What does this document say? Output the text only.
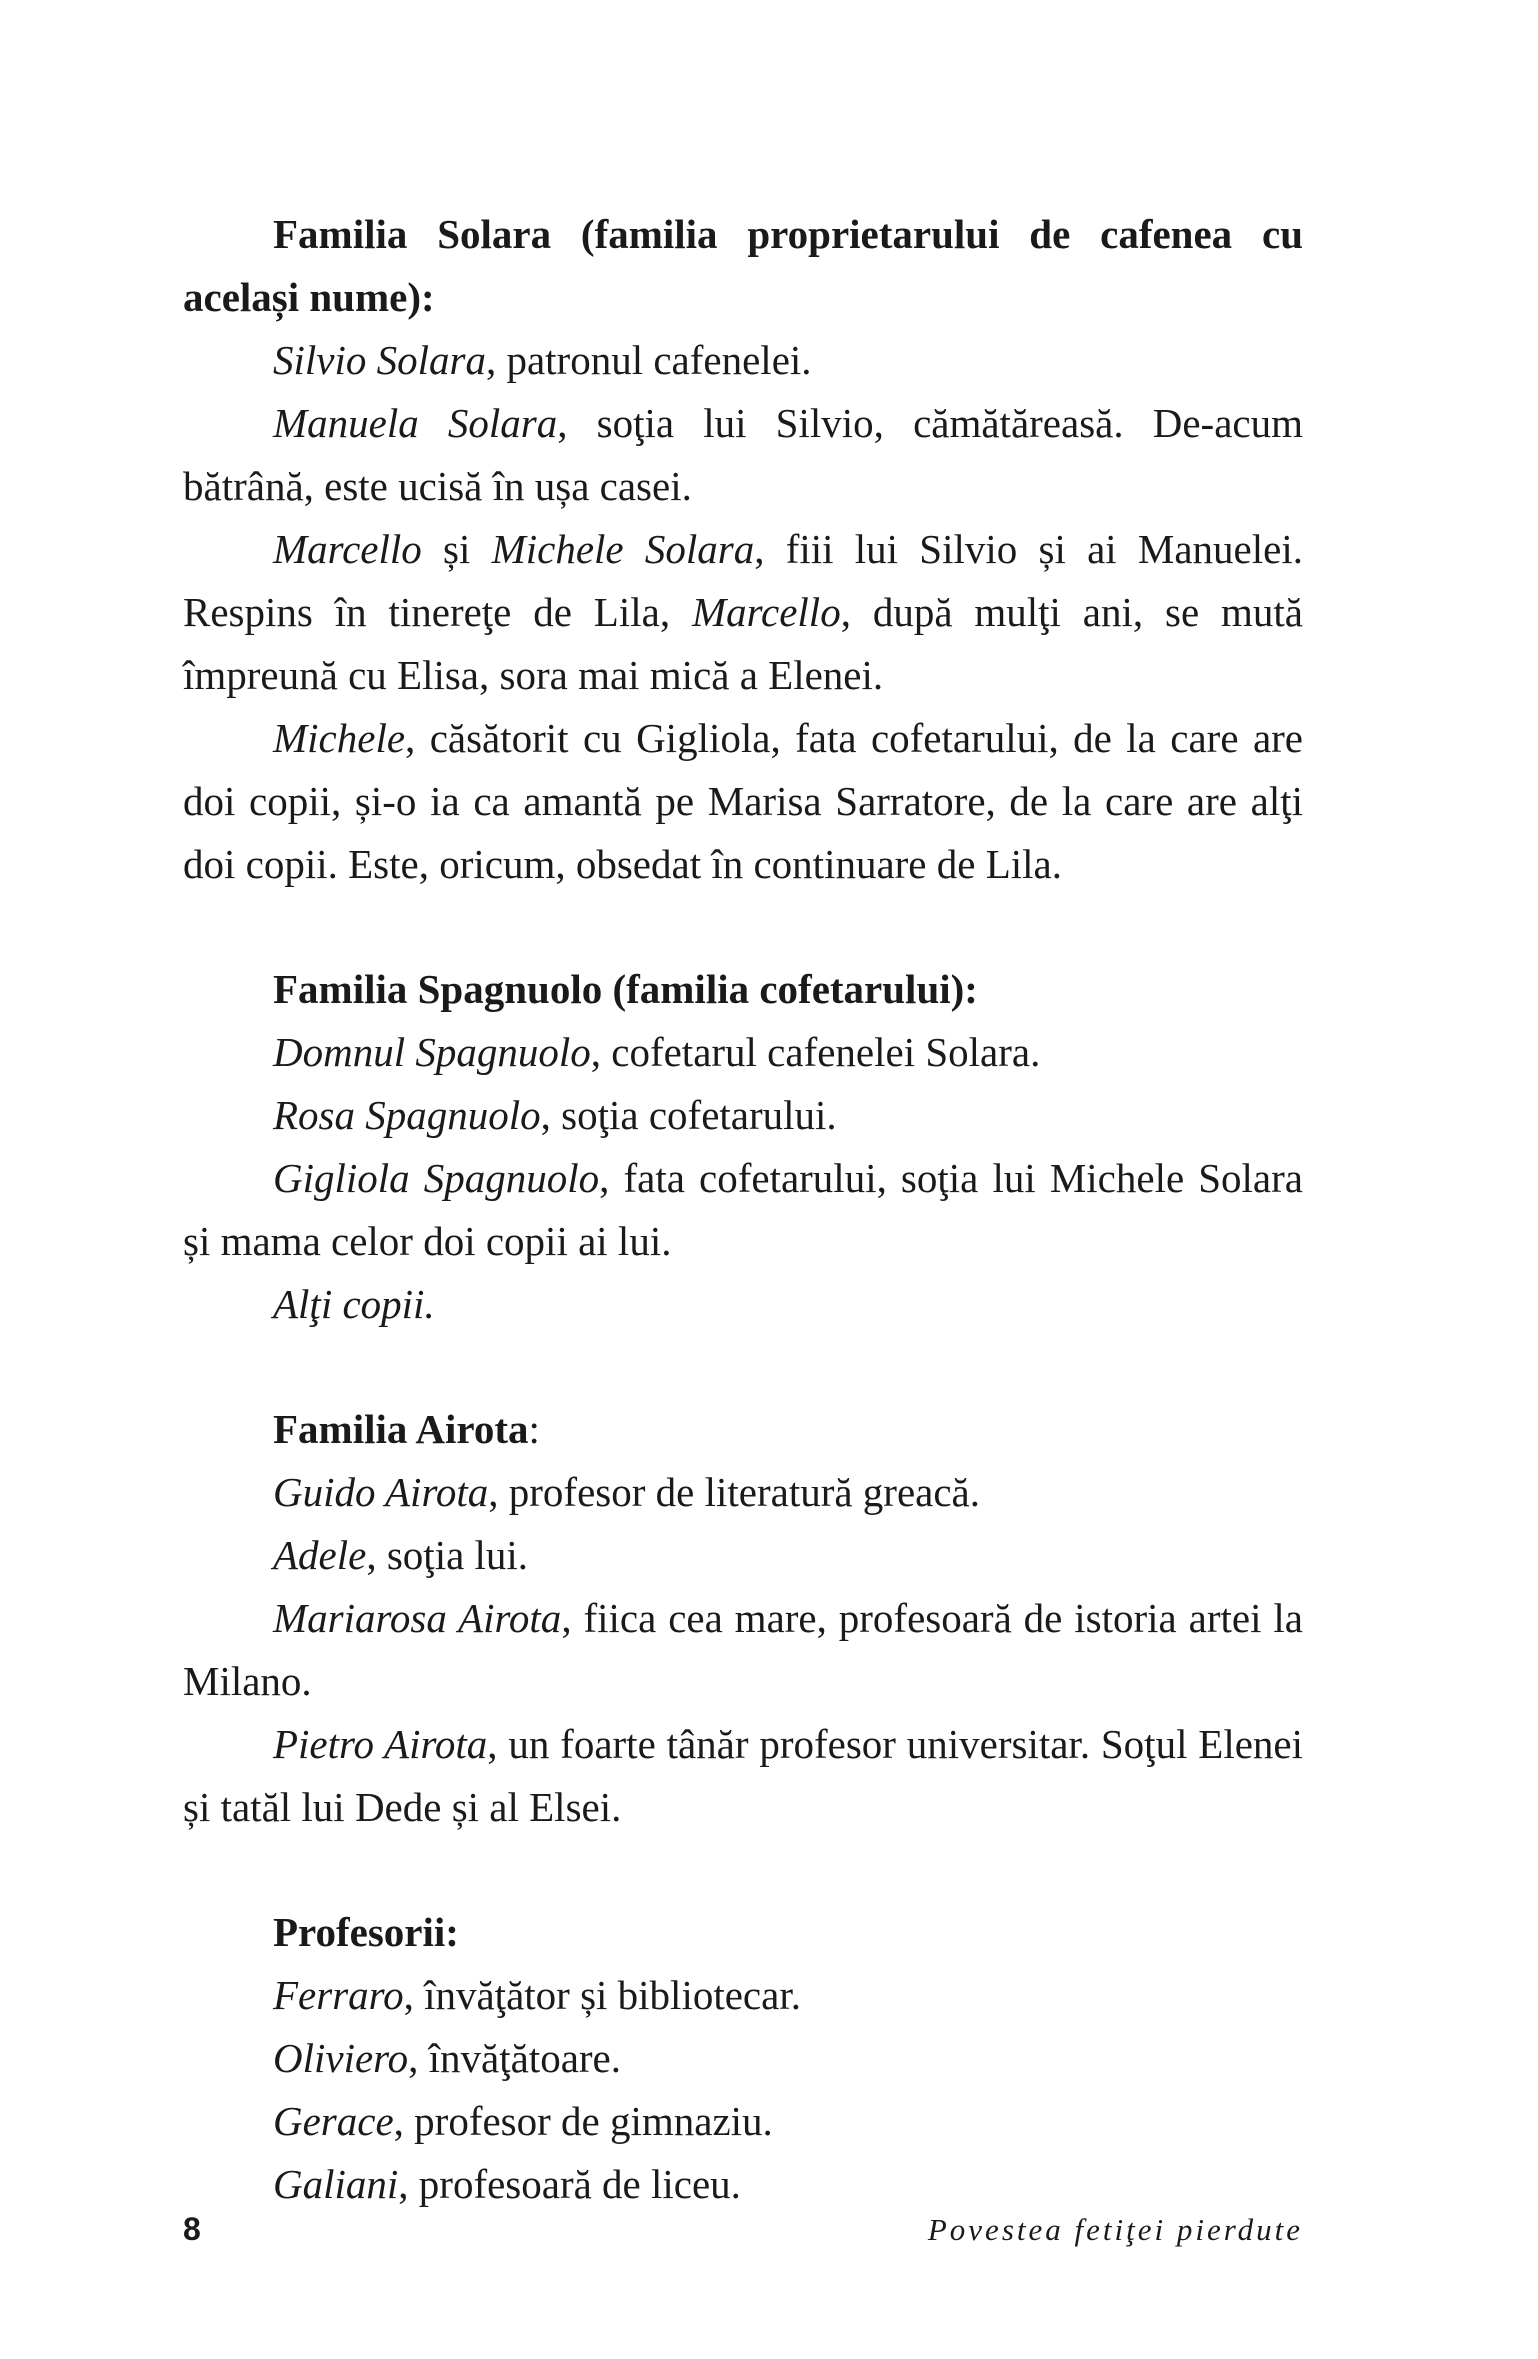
Familia Solara (familia proprietarului de cafenea cu același nume):

Silvio Solara, patronul cafenelei.

Manuela Solara, soţia lui Silvio, cămătăreasă. De-acum bătrână, este ucisă în ușa casei.

Marcello și Michele Solara, fiii lui Silvio și ai Manuelei. Respins în tinereţe de Lila, Marcello, după mulţi ani, se mută împreună cu Elisa, sora mai mică a Elenei.

Michele, căsătorit cu Gigliola, fata cofetarului, de la care are doi copii, și-o ia ca amantă pe Marisa Sarratore, de la care are alţi doi copii. Este, oricum, obsedat în continuare de Lila.

Familia Spagnuolo (familia cofetarului):

Domnul Spagnuolo, cofetarul cafenelei Solara.

Rosa Spagnuolo, soţia cofetarului.

Gigliola Spagnuolo, fata cofetarului, soţia lui Michele Solara și mama celor doi copii ai lui.

Alţi copii.

Familia Airota:

Guido Airota, profesor de literatură greacă.

Adele, soţia lui.

Mariarosa Airota, fiica cea mare, profesoară de istoria artei la Milano.

Pietro Airota, un foarte tânăr profesor universitar. Soţul Elenei și tatăl lui Dede și al Elsei.

Profesorii:

Ferraro, învăţător și bibliotecar.

Oliviero, învăţătoare.

Gerace, profesor de gimnaziu.

Galiani, profesoară de liceu.

8	Povestea fetiţei pierdute
